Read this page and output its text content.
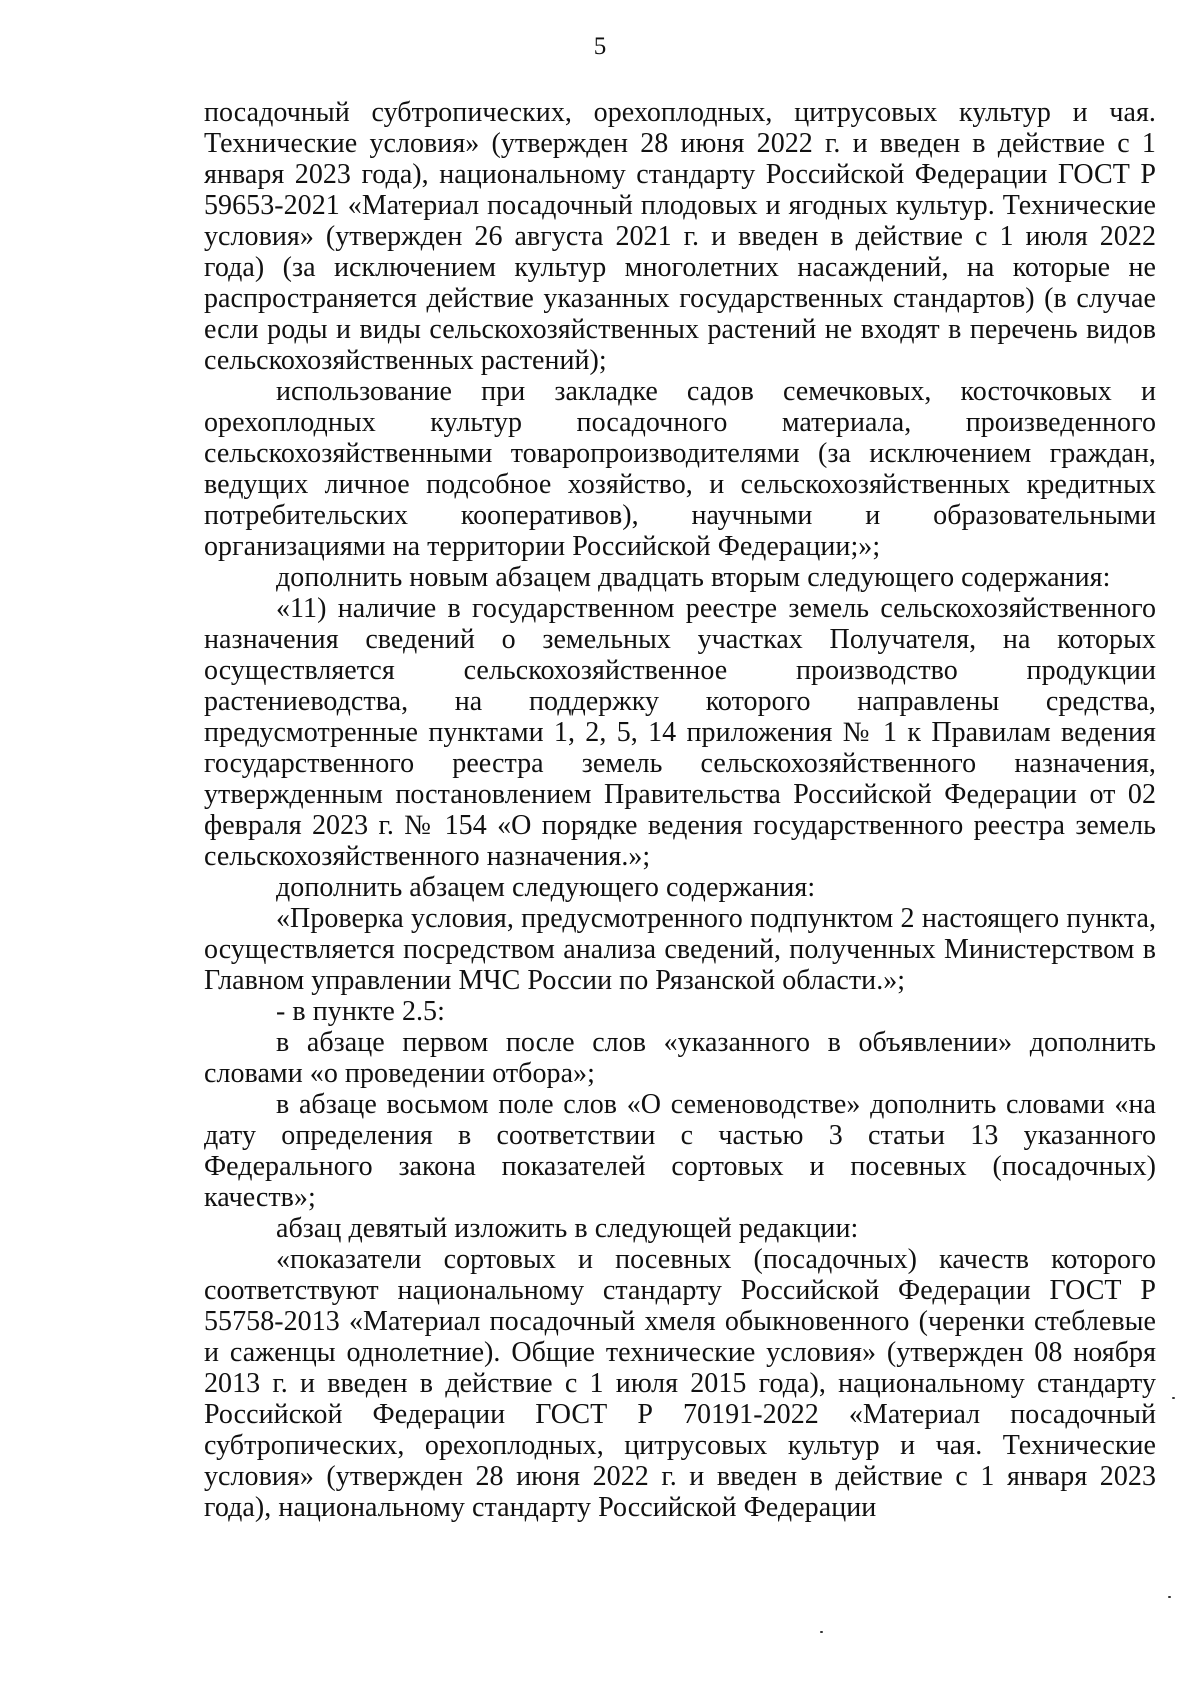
5

посадочный субтропических, орехоплодных, цитрусовых культур и чая. Технические условия» (утвержден 28 июня 2022 г. и введен в действие с 1 января 2023 года), национальному стандарту Российской Федерации ГОСТ Р 59653-2021 «Материал посадочный плодовых и ягодных культур. Технические условия» (утвержден 26 августа 2021 г. и введен в действие с 1 июля 2022 года) (за исключением культур многолетних насаждений, на которые не распространяется действие указанных государственных стандартов) (в случае если роды и виды сельскохозяйственных растений не входят в перечень видов сельскохозяйственных растений);

использование при закладке садов семечковых, косточковых и орехоплодных культур посадочного материала, произведенного сельскохозяйственными товаропроизводителями (за исключением граждан, ведущих личное подсобное хозяйство, и сельскохозяйственных кредитных потребительских кооперативов), научными и образовательными организациями на территории Российской Федерации;»;

дополнить новым абзацем двадцать вторым следующего содержания:

«11) наличие в государственном реестре земель сельскохозяйственного назначения сведений о земельных участках Получателя, на которых осуществляется сельскохозяйственное производство продукции растениеводства, на поддержку которого направлены средства, предусмотренные пунктами 1, 2, 5, 14 приложения № 1 к Правилам ведения государственного реестра земель сельскохозяйственного назначения, утвержденным постановлением Правительства Российской Федерации от 02 февраля 2023 г. № 154 «О порядке ведения государственного реестра земель сельскохозяйственного назначения.»;

дополнить абзацем следующего содержания:

«Проверка условия, предусмотренного подпунктом 2 настоящего пункта, осуществляется посредством анализа сведений, полученных Министерством в Главном управлении МЧС России по Рязанской области.»;

- в пункте 2.5:

в абзаце первом после слов «указанного в объявлении» дополнить словами «о проведении отбора»;

в абзаце восьмом поле слов «О семеноводстве» дополнить словами «на дату определения в соответствии с частью 3 статьи 13 указанного Федерального закона показателей сортовых и посевных (посадочных) качеств»;

абзац девятый изложить в следующей редакции:

«показатели сортовых и посевных (посадочных) качеств которого соответствуют национальному стандарту Российской Федерации ГОСТ Р 55758-2013 «Материал посадочный хмеля обыкновенного (черенки стеблевые и саженцы однолетние). Общие технические условия» (утвержден 08 ноября 2013 г. и введен в действие с 1 июля 2015 года), национальному стандарту Российской Федерации ГОСТ Р 70191-2022 «Материал посадочный субтропических, орехоплодных, цитрусовых культур и чая. Технические условия» (утвержден 28 июня 2022 г. и введен в действие с 1 января 2023 года), национальному стандарту Российской Федерации
